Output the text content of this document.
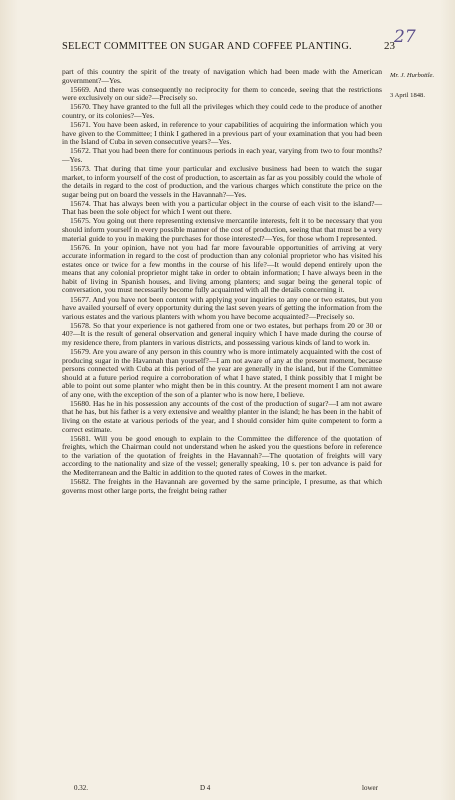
SELECT COMMITTEE ON SUGAR AND COFFEE PLANTING.	23 27
Mr. J. Hurbottle.
3 April 1848.

part of this country the spirit of the treaty of navigation which had been made with the American government?—Yes.

15669. And there was consequently no reciprocity for them to concede, seeing that the restrictions were exclusively on our side?—Precisely so.

15670. They have granted to the full all the privileges which they could cede to the produce of another country, or its colonies?—Yes.

15671. You have been asked, in reference to your capabilities of acquiring the information which you have given to the Committee; I think I gathered in a previous part of your examination that you had been in the Island of Cuba in seven consecutive years?—Yes.

15672. That you had been there for continuous periods in each year, varying from two to four months?—Yes.

15673. That during that time your particular and exclusive business had been to watch the sugar market, to inform yourself of the cost of production, to ascertain as far as you possibly could the whole of the details in regard to the cost of production, and the various charges which constitute the price on the sugar being put on board the vessels in the Havannah?—Yes.

15674. That has always been with you a particular object in the course of each visit to the island?—That has been the sole object for which I went out there.

15675. You going out there representing extensive mercantile interests, felt it to be necessary that you should inform yourself in every possible manner of the cost of production, seeing that that must be a very material guide to you in making the purchases for those interested?—Yes, for those whom I represented.

15676. In your opinion, have not you had far more favourable opportunities of arriving at very accurate information in regard to the cost of production than any colonial proprietor who has visited his estates once or twice for a few months in the course of his life?—It would depend entirely upon the means that any colonial proprietor might take in order to obtain information; I have always been in the habit of living in Spanish houses, and living among planters; and sugar being the general topic of conversation, you must necessarily become fully acquainted with all the details concerning it.

15677. And you have not been content with applying your inquiries to any one or two estates, but you have availed yourself of every opportunity during the last seven years of getting the information from the various estates and the various planters with whom you have become acquainted?—Precisely so.

15678. So that your experience is not gathered from one or two estates, but perhaps from 20 or 30 or 40?—It is the result of general observation and general inquiry which I have made during the course of my residence there, from planters in various districts, and possessing various kinds of land to work in.

15679. Are you aware of any person in this country who is more intimately acquainted with the cost of producing sugar in the Havannah than yourself?—I am not aware of any at the present moment, because persons connected with Cuba at this period of the year are generally in the island, but if the Committee should at a future period require a corroboration of what I have stated, I think possibly that I might be able to point out some planter who might then be in this country. At the present moment I am not aware of any one, with the exception of the son of a planter who is now here, I believe.

15680. Has he in his possession any accounts of the cost of the production of sugar?—I am not aware that he has, but his father is a very extensive and wealthy planter in the island; he has been in the habit of living on the estate at various periods of the year, and I should consider him quite competent to form a correct estimate.

15681. Will you be good enough to explain to the Committee the difference of the quotation of freights, which the Chairman could not understand when he asked you the questions before in reference to the variation of the quotation of freights in the Havannah?—The quotation of freights will vary according to the nationality and size of the vessel; generally speaking, 10 s. per ton advance is paid for the Mediterranean and the Baltic in addition to the quoted rates of Cowes in the market.

15682. The freights in the Havannah are governed by the same principle, I presume, as that which governs most other large ports, the freight being rather

0.32.	D 4	lower
